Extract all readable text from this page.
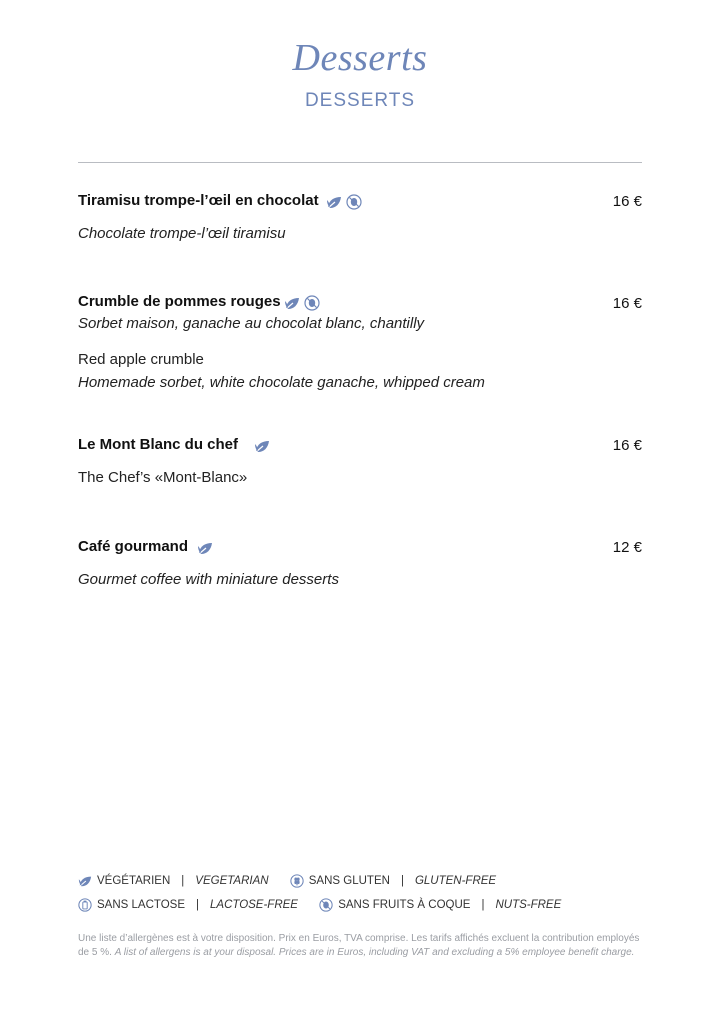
Desserts
DESSERTS
Tiramisu trompe-l’œil en chocolat	16 €
Chocolate trompe-l’œil tiramisu
Crumble de pommes rouges	16 €
Sorbet maison, ganache au chocolat blanc, chantilly
Red apple crumble
Homemade sorbet, white chocolate ganache, whipped cream
Le Mont Blanc du chef	16 €
The Chef’s «Mont-Blanc»
Café gourmand	12 €
Gourmet coffee with miniature desserts
VÉGÉTARIEN | VEGETARIAN
	SANS GLUTEN | GLUTEN-FREE
SANS LACTOSE | LACTOSE-FREE
	SANS FRUITS À COQUE | NUTS-FREE
Une liste d’allergènes est à votre disposition. Prix en Euros, TVA comprise. Les tarifs affichés excluent la contribution employés de 5 %. A list of allergens is at your disposal. Prices are in Euros, including VAT and excluding a 5% employee benefit charge.
